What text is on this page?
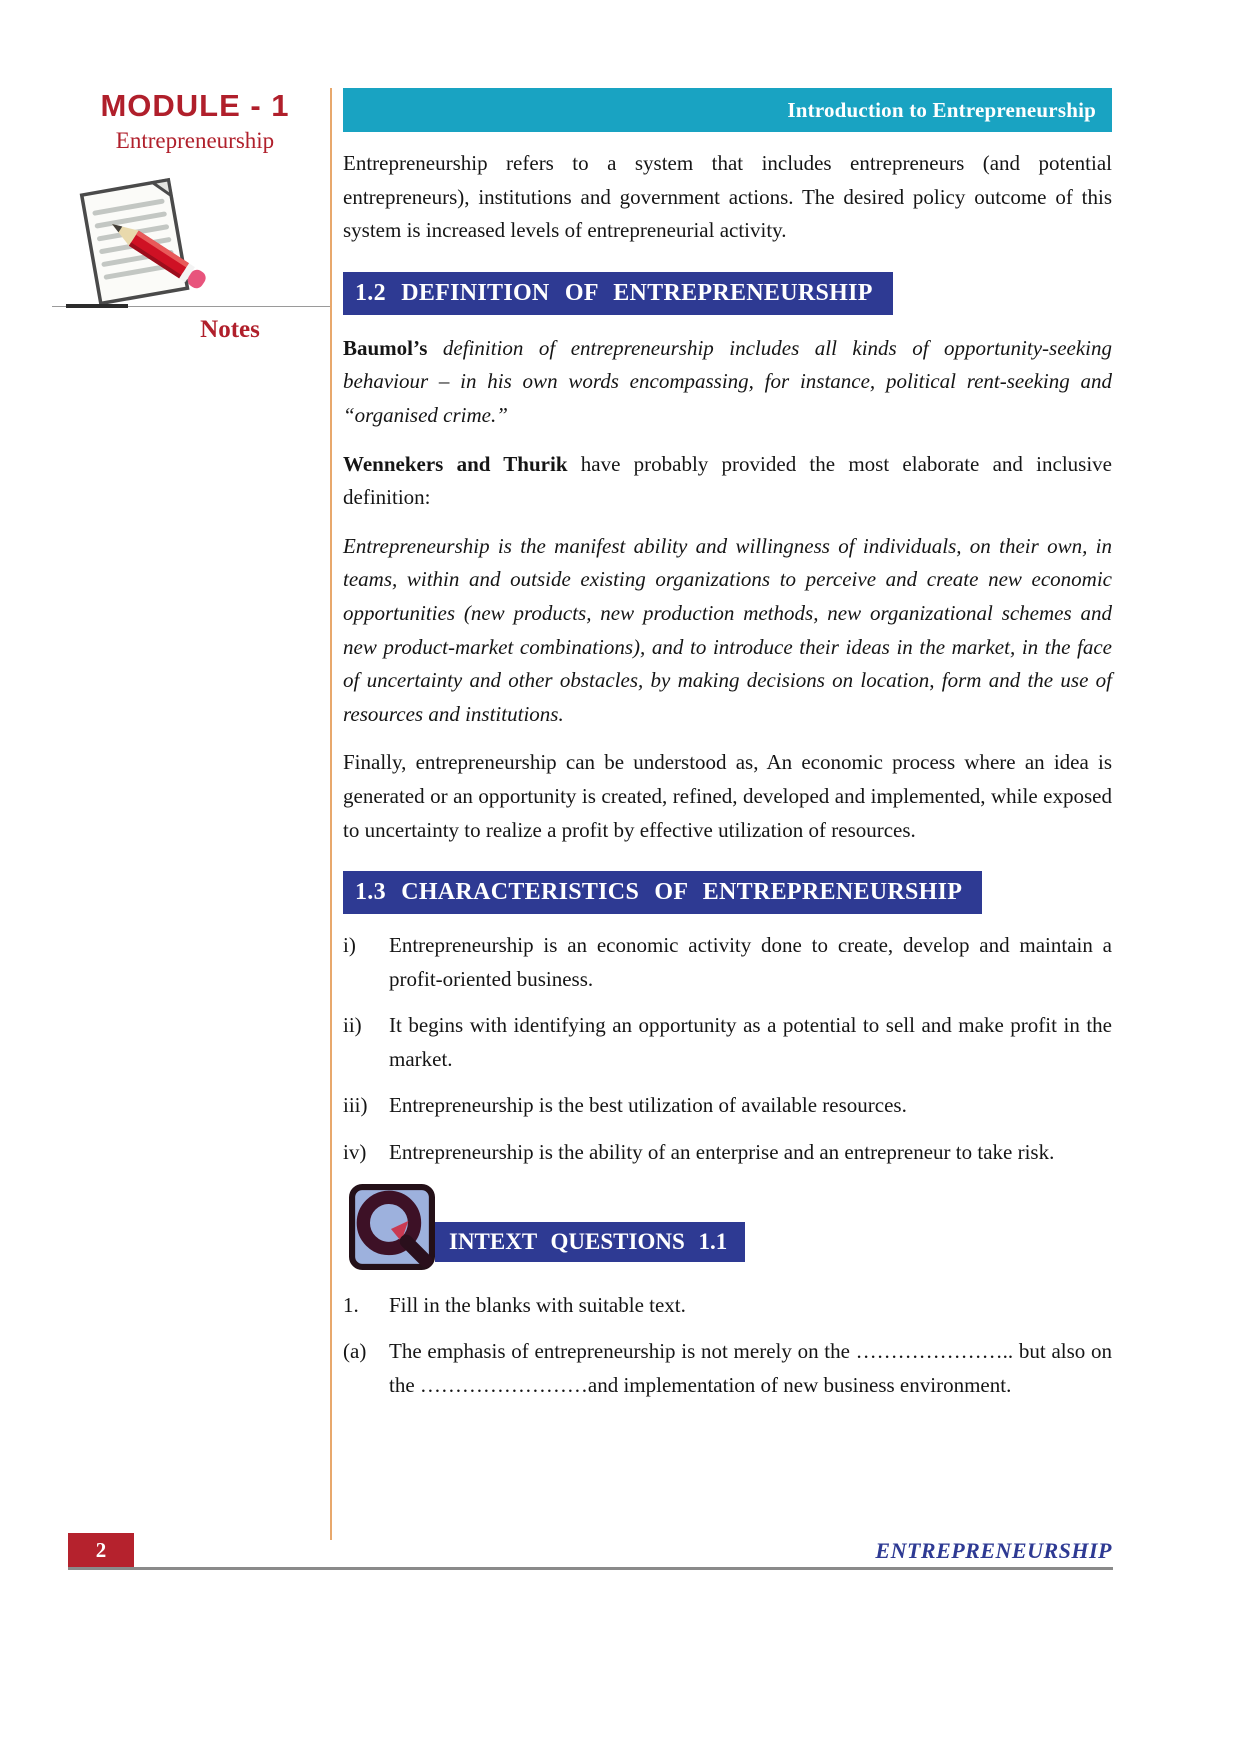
MODULE - 1
Entrepreneurship
Notes
Introduction to Entrepreneurship

Entrepreneurship refers to a system that includes entrepreneurs (and potential entrepreneurs), institutions and government actions. The desired policy outcome of this system is increased levels of entrepreneurial activity.

1.2 DEFINITION OF ENTREPRENEURSHIP

Baumol’s definition of entrepreneurship includes all kinds of opportunity-seeking behaviour – in his own words encompassing, for instance, political rent-seeking and “organised crime.”

Wennekers and Thurik have probably provided the most elaborate and inclusive definition:

Entrepreneurship is the manifest ability and willingness of individuals, on their own, in teams, within and outside existing organizations to perceive and create new economic opportunities (new products, new production methods, new organizational schemes and new product-market combinations), and to introduce their ideas in the market, in the face of uncertainty and other obstacles, by making decisions on location, form and the use of resources and institutions.

Finally, entrepreneurship can be understood as, An economic process where an idea is generated or an opportunity is created, refined, developed and implemented, while exposed to uncertainty to realize a profit by effective utilization of resources.

1.3 CHARACTERISTICS OF ENTREPRENEURSHIP
i)	Entrepreneurship is an economic activity done to create, develop and maintain a profit-oriented business.
ii)	It begins with identifying an opportunity as a potential to sell and make profit in the market.
iii)	Entrepreneurship is the best utilization of available resources.
iv)	Entrepreneurship is the ability of an enterprise and an entrepreneur to take risk.
INTEXT QUESTIONS 1.1
1.	Fill in the blanks with suitable text.
(a)	The emphasis of entrepreneurship is not merely on the ………………….. but also on the ……………………and implementation of new business environment.
2	ENTREPRENEURSHIP
